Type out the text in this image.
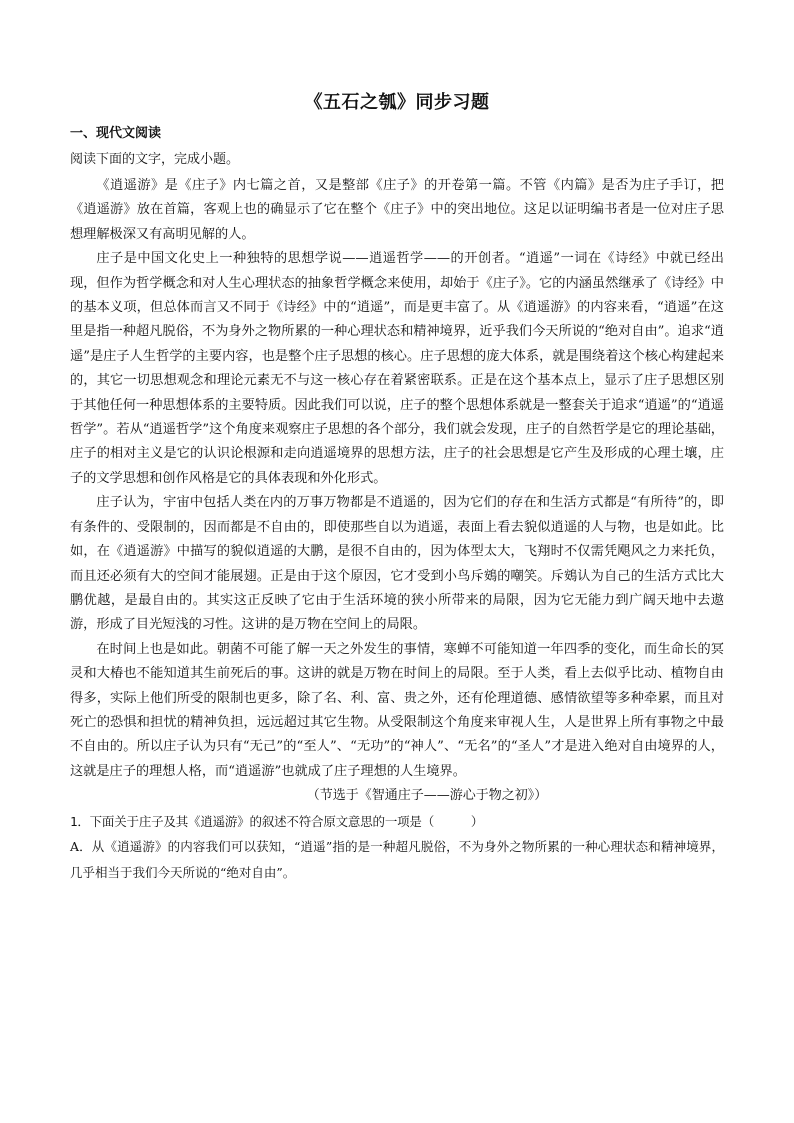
《五石之瓠》同步习题
一、现代文阅读
阅读下面的文字，完成小题。

《逍遥游》是《庄子》内七篇之首，又是整部《庄子》的开卷第一篇。不管《内篇》是否为庄子手订，把《逍遥游》放在首篇，客观上也的确显示了它在整个《庄子》中的突出地位。这足以证明编书者是一位对庄子思想理解极深又有高明见解的人。

庄子是中国文化史上一种独特的思想学说——逍遥哲学——的开创者。“逍遥”一词在《诗经》中就已经出现，但作为哲学概念和对人生心理状态的抽象哲学概念来使用，却始于《庄子》。它的内涵虽然继承了《诗经》中的基本义项，但总体而言又不同于《诗经》中的“逍遥”，而是更丰富了。从《逍遥游》的内容来看，“逍遥”在这里是指一种超凡脱俗，不为身外之物所累的一种心理状态和精神境界，近乎我们今天所说的“绝对自由”。追求“逍遥”是庄子人生哲学的主要内容，也是整个庄子思想的核心。庄子思想的庞大体系，就是围绕着这个核心构建起来的，其它一切思想观念和理论元素无不与这一核心存在着紧密联系。正是在这个基本点上，显示了庄子思想区别于其他任何一种思想体系的主要特质。因此我们可以说，庄子的整个思想体系就是一整套关于追求“逍遥”的“逍遥哲学”。若从“逍遥哲学”这个角度来观察庄子思想的各个部分，我们就会发现，庄子的自然哲学是它的理论基础，庄子的相对主义是它的认识论根源和走向逍遥境界的思想方法，庄子的社会思想是它产生及形成的心理土壤，庄子的文学思想和创作风格是它的具体表现和外化形式。

庄子认为，宇宙中包括人类在内的万事万物都是不逍遥的，因为它们的存在和生活方式都是“有所待”的，即有条件的、受限制的，因而都是不自由的，即使那些自以为逍遥，表面上看去貌似逍遥的人与物，也是如此。比如，在《逍遥游》中描写的貌似逍遥的大鹏，是很不自由的，因为体型太大，飞翔时不仅需凭飓风之力来托负，而且还必须有大的空间才能展翅。正是由于这个原因，它才受到小鸟斥鴳的嘲笑。斥鴳认为自己的生活方式比大鹏优越，是最自由的。其实这正反映了它由于生活环境的狭小所带来的局限，因为它无能力到广阔天地中去遨游，形成了目光短浅的习性。这讲的是万物在空间上的局限。

在时间上也是如此。朝菌不可能了解一天之外发生的事情，寒蝉不可能知道一年四季的变化，而生命长的冥灵和大椿也不能知道其生前死后的事。这讲的就是万物在时间上的局限。至于人类，看上去似乎比动、植物自由得多，实际上他们所受的限制也更多，除了名、利、富、贵之外，还有伦理道德、感情欲望等多种牵累，而且对死亡的恐惧和担忧的精神负担，远远超过其它生物。从受限制这个角度来审视人生，人是世界上所有事物之中最不自由的。所以庄子认为只有“无己”的“至人”、“无功”的“神人”、“无名”的“圣人”才是进入绝对自由境界的人，这就是庄子的理想人格，而“逍遥游”也就成了庄子理想的人生境界。

（节选于《智通庄子——游心于物之初》）
1．下面关于庄子及其《逍遥游》的叙述不符合原文意思的一项是（　　　）
A．从《逍遥游》的内容我们可以获知，“逍遥”指的是一种超凡脱俗，不为身外之物所累的一种心理状态和精神境界，几乎相当于我们今天所说的“绝对自由”。
